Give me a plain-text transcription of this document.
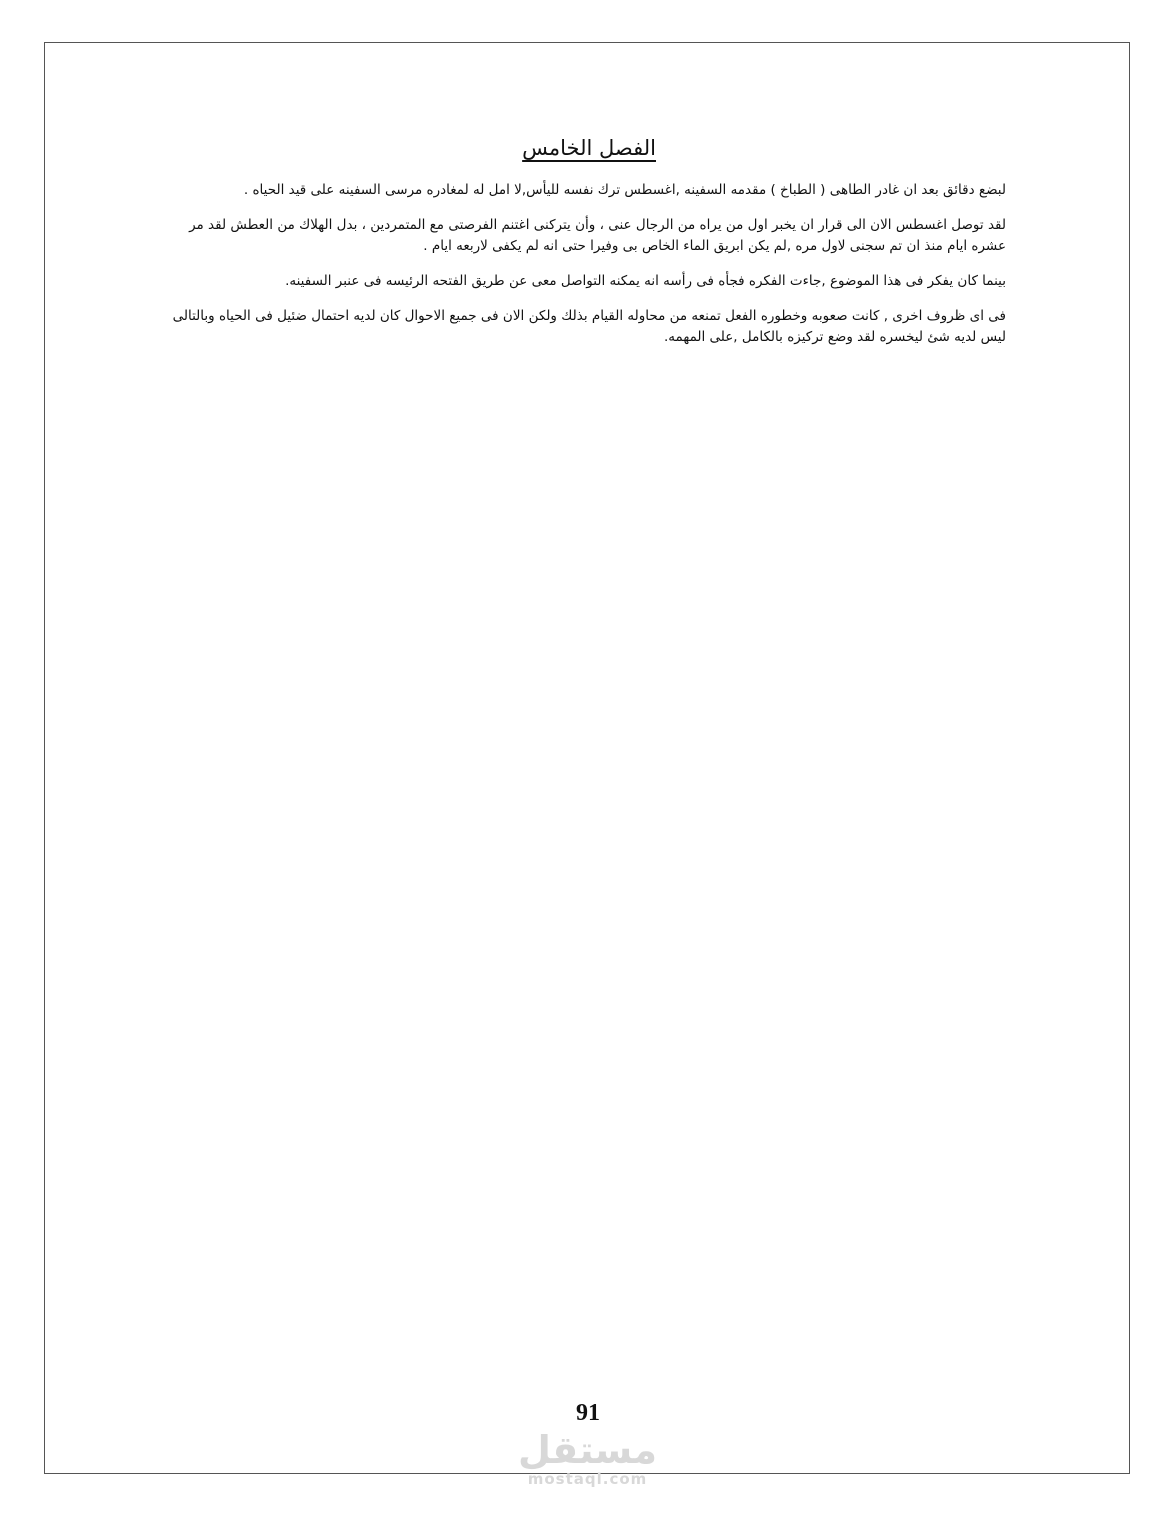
الفصل الخامس

لبضع دقائق بعد ان غادر الطاهى ( الطباخ ) مقدمه السفينه ,اغسطس ترك نفسه لليأس,لا امل له لمغادره مرسى السفينه على قيد الحياه .

لقد توصل اغسطس الان الى قرار ان يخبر اول من يراه من الرجال عنى ، وأن يتركنى اغتنم الفرصتى مع المتمردين ، بدل الهلاك من العطش لقد مر عشره ايام منذ ان تم سجنى لاول مره ,لم يكن ابريق الماء الخاص بى وفيرا حتى انه لم يكفى لاربعه ايام .

بينما كان يفكر فى هذا الموضوع ,جاءت الفكره فجأه فى رأسه انه يمكنه التواصل معى عن طريق الفتحه الرئيسه فى عنبر السفينه.

فى اى ظروف اخرى , كانت صعوبه وخطوره الفعل تمنعه من محاوله القيام بذلك ولكن الان فى جميع الاحوال كان لديه احتمال ضئيل فى الحياه وبالتالى ليس لديه شئ ليخسره لقد وضع تركيزه بالكامل ,على المهمه.

91
مستقل
mostaql.com
